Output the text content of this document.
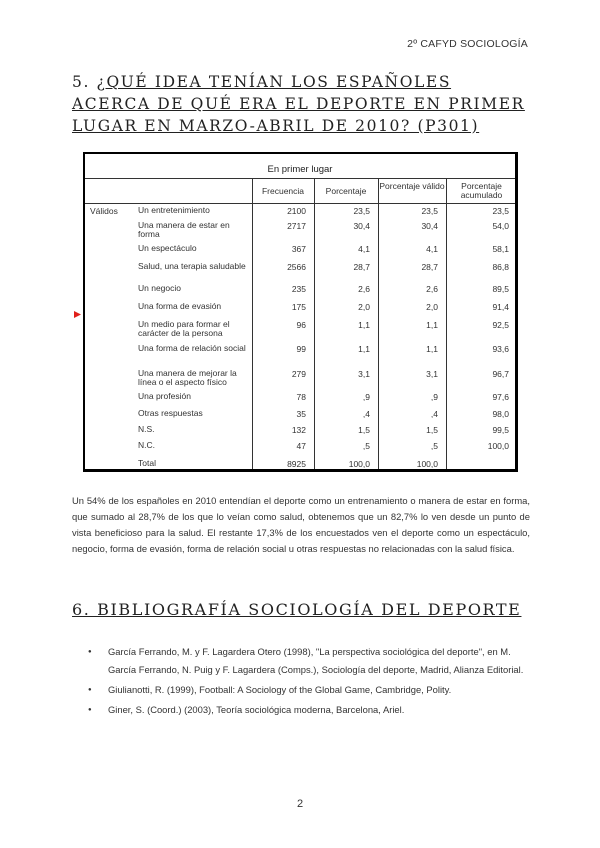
2º CAFYD SOCIOLOGÍA
5. ¿QUÉ IDEA TENÍAN LOS ESPAÑOLES ACERCA DE QUÉ ERA EL DEPORTE EN PRIMER LUGAR EN MARZO-ABRIL DE 2010? (P301)
En primer lugar
Válidos
Frecuencia	Porcentaje	Porcentaje válido	Porcentaje acumulado
Un entretenimiento	2100	23,5	23,5	23,5
Una manera de estar en forma
2717	30,4	30,4	54,0
Un espectáculo	367	4,1	4,1	58,1
Salud, una terapia saludable	2566	28,7	28,7	86,8
Un negocio	235	2,6	2,6	89,5
Una forma de evasión	175	2,0	2,0	91,4
Un medio para formar el carácter de la persona
96	1,1	1,1	92,5
Una forma de relación social	99	1,1	1,1	93,6
Una manera de mejorar la línea o el aspecto físico
279	3,1	3,1	96,7
Una profesión	78	,9	,9	97,6
Otras respuestas	35	,4	,4	98,0
N.S.	132	1,5	1,5	99,5
N.C.	47	,5	,5	100,0
Total	8925	100,0	100,0
Un 54% de los españoles en 2010 entendían el deporte como un entrenamiento o manera de estar en forma, que sumado al 28,7% de los que lo veían como salud, obtenemos que un 82,7% lo ven desde un punto de vista beneficioso para la salud. El restante 17,3% de los encuestados ven el deporte como un espectáculo, negocio, forma de evasión, forma de relación social u otras respuestas no relacionadas con la salud física.
6. BIBLIOGRAFÍA SOCIOLOGÍA DEL DEPORTE
● García Ferrando, M. y F. Lagardera Otero (1998), "La perspectiva sociológica del deporte", en M. García Ferrando, N. Puig y F. Lagardera (Comps.), Sociología del deporte, Madrid, Alianza Editorial.
● Giulianotti, R. (1999), Football: A Sociology of the Global Game, Cambridge, Polity.
● Giner, S. (Coord.) (2003), Teoría sociológica moderna, Barcelona, Ariel.
2
